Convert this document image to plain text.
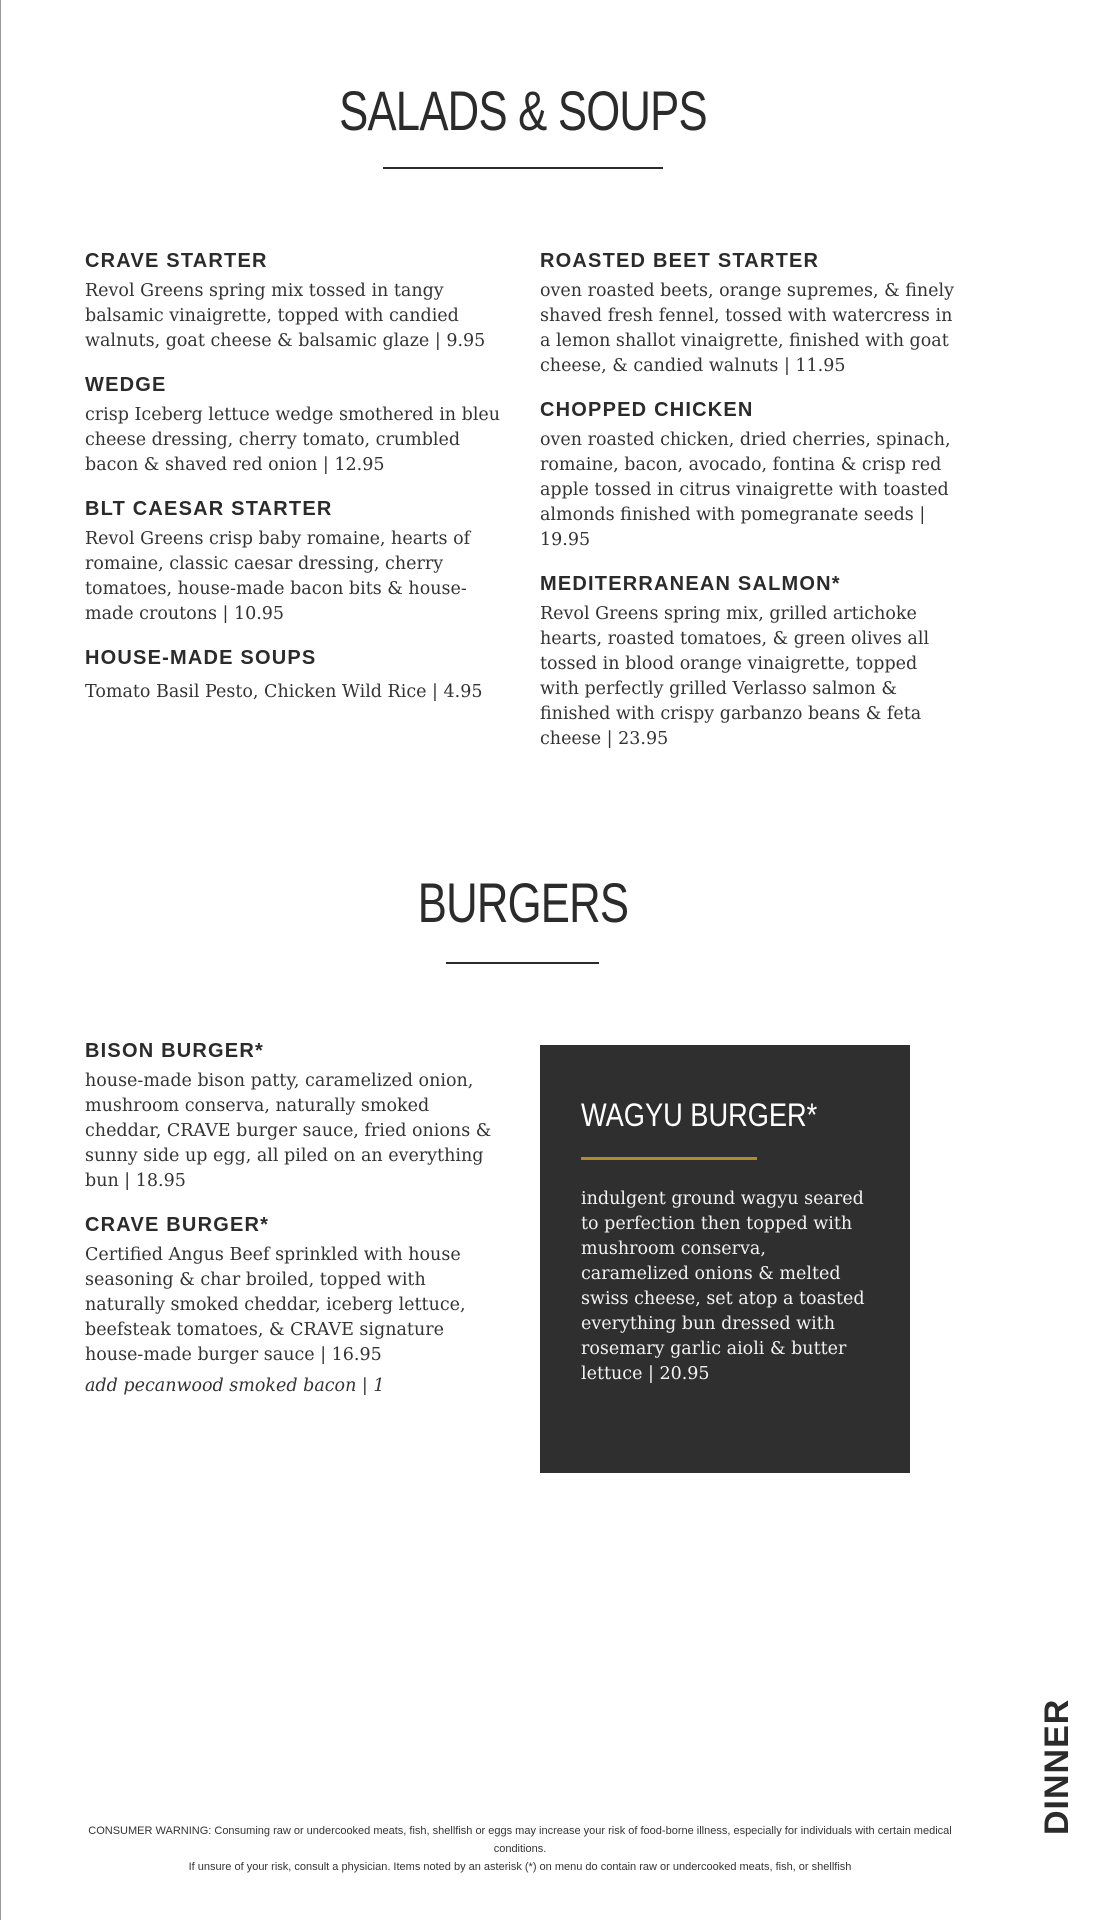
SALADS & SOUPS
CRAVE STARTER
Revol Greens spring mix tossed in tangy balsamic vinaigrette, topped with candied walnuts, goat cheese & balsamic glaze | 9.95
WEDGE
crisp Iceberg lettuce wedge smothered in bleu cheese dressing, cherry tomato, crumbled bacon & shaved red onion | 12.95
BLT CAESAR STARTER
Revol Greens crisp baby romaine, hearts of romaine, classic caesar dressing, cherry tomatoes, house-made bacon bits & house-made croutons | 10.95
HOUSE-MADE SOUPS
Tomato Basil Pesto, Chicken Wild Rice | 4.95
ROASTED BEET STARTER
oven roasted beets, orange supremes, & finely shaved fresh fennel, tossed with watercress in a lemon shallot vinaigrette, finished with goat cheese, & candied walnuts | 11.95
CHOPPED CHICKEN
oven roasted chicken, dried cherries, spinach, romaine, bacon, avocado, fontina & crisp red apple tossed in citrus vinaigrette with toasted almonds finished with pomegranate seeds | 19.95
MEDITERRANEAN SALMON*
Revol Greens spring mix, grilled artichoke hearts, roasted tomatoes, & green olives all tossed in blood orange vinaigrette, topped with perfectly grilled Verlasso salmon & finished with crispy garbanzo beans & feta cheese | 23.95
BURGERS
BISON BURGER*
house-made bison patty, caramelized onion, mushroom conserva, naturally smoked cheddar, CRAVE burger sauce, fried onions & sunny side up egg, all piled on an everything bun | 18.95
CRAVE BURGER*
Certified Angus Beef sprinkled with house seasoning & char broiled, topped with naturally smoked cheddar, iceberg lettuce, beefsteak tomatoes, & CRAVE signature house-made burger sauce | 16.95
add pecanwood smoked bacon | 1
WAGYU BURGER*
indulgent ground wagyu seared to perfection then topped with mushroom conserva, caramelized onions & melted swiss cheese, set atop a toasted everything bun dressed with rosemary garlic aioli & butter lettuce | 20.95
DINNER
CONSUMER WARNING: Consuming raw or undercooked meats, fish, shellfish or eggs may increase your risk of food-borne illness, especially for individuals with certain medical conditions.
If unsure of your risk, consult a physician. Items noted by an asterisk (*) on menu do contain raw or undercooked meats, fish, or shellfish
